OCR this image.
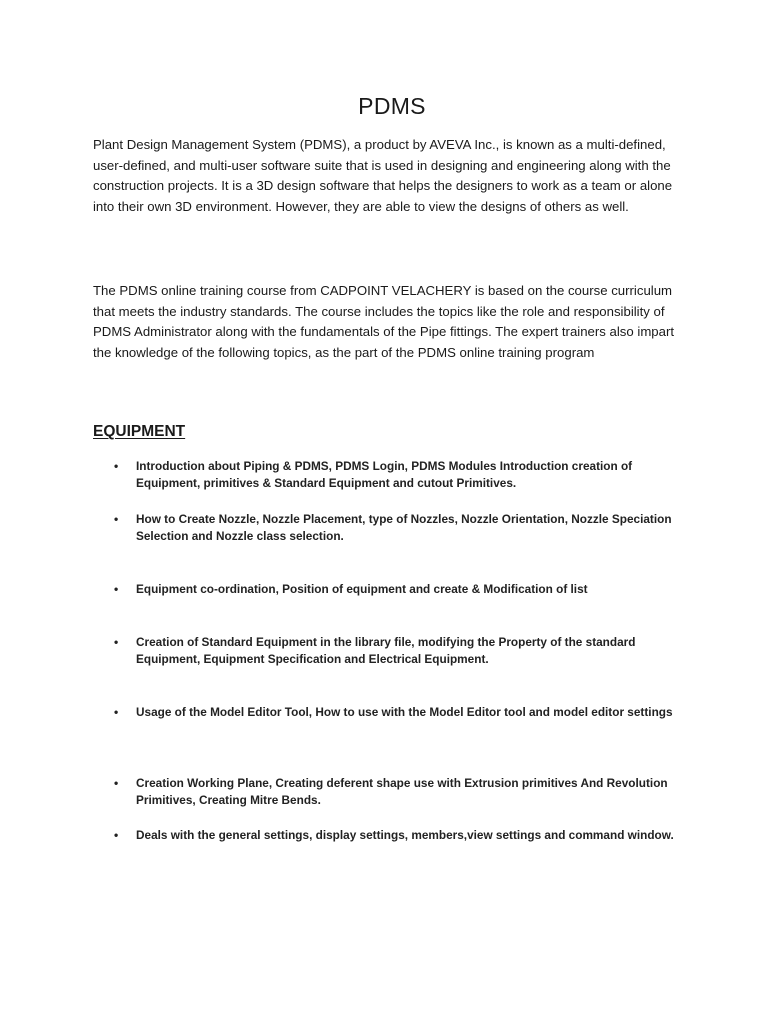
PDMS

Plant Design Management System (PDMS), a product by AVEVA Inc., is known as a multi-defined, user-defined, and multi-user software suite that is used in designing and engineering along with the construction projects. It is a 3D design software that helps the designers to work as a team or alone into their own 3D environment. However, they are able to view the designs of others as well.

The PDMS online training course from CADPOINT VELACHERY is based on the course curriculum that meets the industry standards. The course includes the topics like the role and responsibility of PDMS Administrator along with the fundamentals of the Pipe fittings. The expert trainers also impart the knowledge of the following topics, as the part of the PDMS online training program

EQUIPMENT
• Introduction about Piping & PDMS, PDMS Login, PDMS Modules Introduction creation of Equipment, primitives & Standard Equipment and cutout Primitives.
• How to Create Nozzle, Nozzle Placement, type of Nozzles, Nozzle Orientation, Nozzle Speciation Selection and Nozzle class selection.
• Equipment co-ordination, Position of equipment and create & Modification of list
• Creation of Standard Equipment in the library file, modifying the Property of the standard Equipment, Equipment Specification and Electrical Equipment.
• Usage of the Model Editor Tool, How to use with the Model Editor tool and model editor settings
• Creation Working Plane, Creating deferent shape use with Extrusion primitives And Revolution Primitives, Creating Mitre Bends.
• Deals with the general settings, display settings, members,view settings and command window.
